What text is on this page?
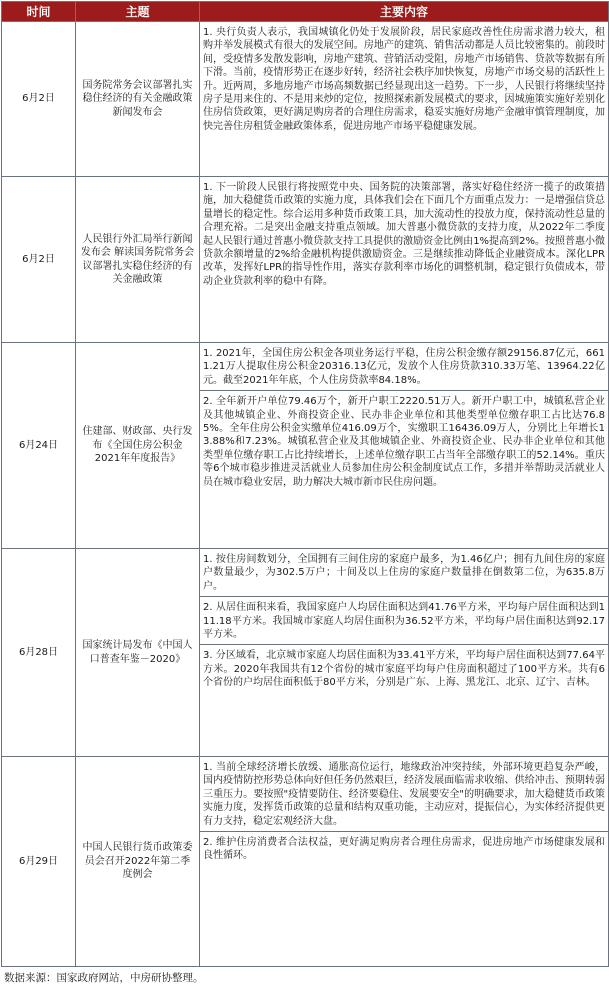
时间	主题	主要内容
6月2日	国务院常务会议部署扎实稳住经济的有关金融政策新闻发布会	1. 央行负责人表示，我国城镇化仍处于发展阶段，居民家庭改善性住房需求潜力较大，租购并举发展模式有很大的发展空间。房地产的建筑、销售活动都是人员比较密集的。前段时间，受疫情多发散发影响，房地产建筑、营销活动受阻，房地产市场销售、贷款等数据有所下滑。当前，疫情形势正在逐步好转，经济社会秩序加快恢复，房地产市场交易的活跃性上升。近两周，多地房地产市场高频数据已经显现出这一趋势。下一步，人民银行将继续坚持房子是用来住的、不是用来炒的定位，按照探索新发展模式的要求，因城施策实施好差别化住房信贷政策，更好满足购房者的合理住房需求，稳妥实施好房地产金融审慎管理制度，加快完善住房租赁金融政策体系，促进房地产市场平稳健康发展。

6月2日	人民银行外汇局举行新闻发布会 解读国务院常务会议部署扎实稳住经济的有关金融政策	1. 下一阶段人民银行将按照党中央、国务院的决策部署，落实好稳住经济一揽子的政策措施，加大稳健货币政策的实施力度，具体我们会在下面几个方面重点发力：一是增强信贷总量增长的稳定性。综合运用多种货币政策工具，加大流动性的投放力度，保持流动性总量的合理充裕。二是突出金融支持重点领域。加大普惠小微贷款的支持力度，从2022年二季度起人民银行通过普惠小微贷款支持工具提供的激励资金比例由1%提高到2%。按照普惠小微贷款余额增量的2%给金融机构提供激励资金。三是继续推动降低企业融资成本。深化LPR改革，发挥好LPR的指导性作用，落实存款利率市场化的调整机制，稳定银行负债成本，带动企业贷款利率的稳中有降。

6月24日	住建部、财政部、央行发布《全国住房公积金2021年年度报告》	1. 2021年，全国住房公积金各项业务运行平稳，住房公积金缴存额29156.87亿元，6611.21万人提取住房公积金20316.13亿元，发放个人住房贷款310.33万笔、13964.22亿元。截至2021年年底，个人住房贷款率84.18%。
2. 全年新开户单位79.46万个，新开户职工2220.51万人。新开户职工中，城镇私营企业及其他城镇企业、外商投资企业、民办非企业单位和其他类型单位缴存职工占比达76.85%。全年住房公积金实缴单位416.09万个，实缴职工16436.09万人，分别比上年增长13.88%和7.23%。城镇私营企业及其他城镇企业、外商投资企业、民办非企业单位和其他类型单位缴存职工占比持续增长，上述单位缴存职工占当年全部缴存职工的52.14%。重庆等6个城市稳步推进灵活就业人员参加住房公积金制度试点工作，多措并举帮助灵活就业人员在城市稳业安居，助力解决大城市新市民住房问题。

6月28日	国家统计局发布《中国人口普查年鉴－2020》	1. 按住房间数划分，全国拥有三间住房的家庭户最多，为1.46亿户；拥有九间住房的家庭户数量最少，为302.5万户；十间及以上住房的家庭户数量排在倒数第二位，为635.8万户。
2. 从居住面积来看，我国家庭户人均居住面积达到41.76平方米，平均每户居住面积达到111.18平方米。我国城市家庭人均居住面积为36.52平方米，平均每户居住面积达到92.17平方米。
3. 分区域看，北京城市家庭人均居住面积为33.41平方米，平均每户居住面积达到77.64平方米。2020年我国共有12个省份的城市家庭平均每户住房面积超过了100平方米。共有6个省份的户均居住面积低于80平方米，分别是广东、上海、黑龙江、北京、辽宁、吉林。

6月29日	中国人民银行货币政策委员会召开2022年第二季度例会	1. 当前全球经济增长放缓、通胀高位运行，地缘政治冲突持续，外部环境更趋复杂严峻，国内疫情防控形势总体向好但任务仍然艰巨，经济发展面临需求收缩、供给冲击、预期转弱三重压力。要按照"疫情要防住、经济要稳住、发展要安全"的明确要求，加大稳健货币政策实施力度，发挥货币政策的总量和结构双重功能，主动应对，提振信心，为实体经济提供更有力支持，稳定宏观经济大盘。
2. 维护住房消费者合法权益，更好满足购房者合理住房需求，促进房地产市场健康发展和良性循环。
数据来源：国家政府网站，中房研协整理。
